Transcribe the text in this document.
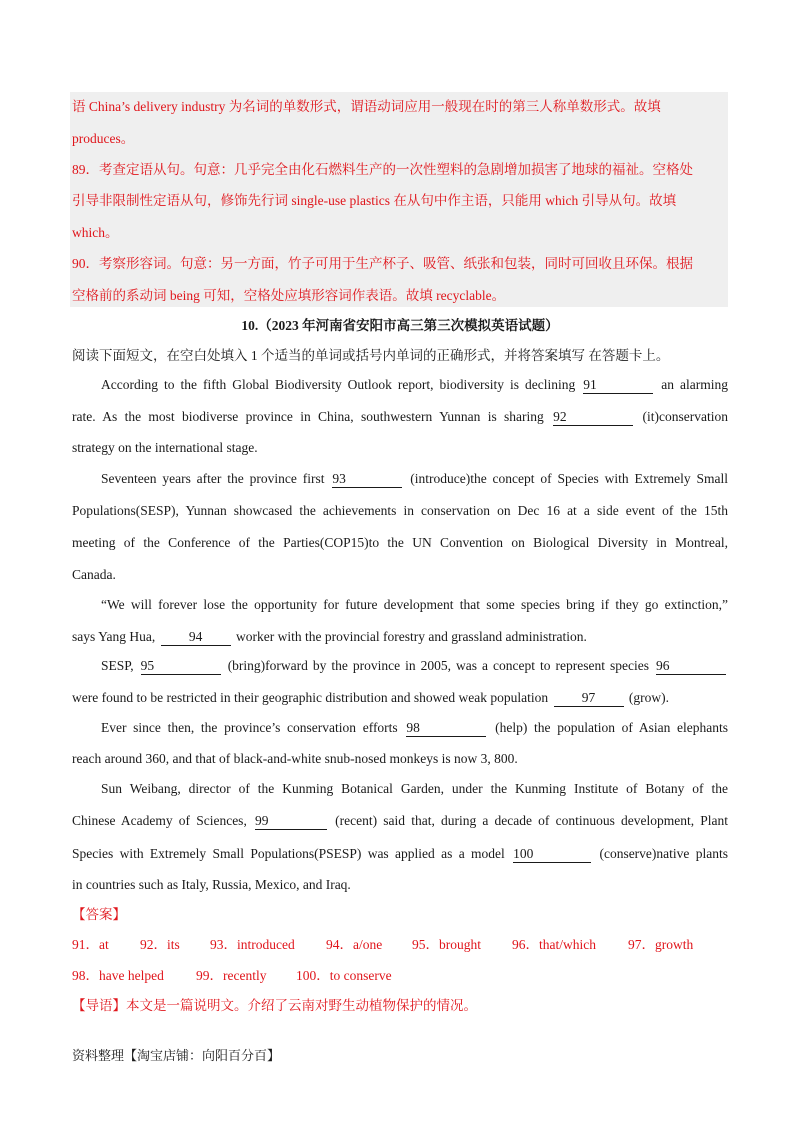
语 China’s delivery industry 为名词的单数形式，谓语动词应用一般现在时的第三人称单数形式。故填
produces。
89．考查定语从句。句意：几乎完全由化石燃料生产的一次性塑料的急剧增加损害了地球的福祉。空格处
引导非限制性定语从句，修饰先行词 single-use plastics 在从句中作主语，只能用 which 引导从句。故填
which。
90．考察形容词。句意：另一方面，竹子可用于生产杯子、吸管、纸张和包装，同时可回收且环保。根据
空格前的系动词 being 可知，空格处应填形容词作表语。故填 recyclable。
10.（2023 年河南省安阳市高三第三次模拟英语试题）
阅读下面短文，在空白处填入 1 个适当的单词或括号内单词的正确形式，并将答案填写 在答题卡上。
According to the fifth Global Biodiversity Outlook report, biodiversity is declining 91	an alarming
rate. As the most biodiverse province in China, southwestern Yunnan is sharing 92	(it)conservation
strategy on the international stage.
Seventeen years after the province first 93	(introduce)the concept of Species with Extremely Small
Populations(SESP), Yunnan showcased the achievements in conservation on Dec 16 at a side event of the 15th
meeting of the Conference of the Parties(COP15)to the UN Convention on Biological Diversity in Montreal,
Canada.
“We will forever lose the opportunity for future development that some species bring if they go extinction,”
says Yang Hua, 94 worker with the provincial forestry and grassland administration.
SESP, 95	(bring)forward by the province in 2005, was a concept to represent species 96
were found to be restricted in their geographic distribution and showed weak population 97 (grow).
Ever since then, the province’s conservation efforts 98	(help) the population of Asian elephants
reach around 360, and that of black-and-white snub-nosed monkeys is now 3, 800.
Sun Weibang, director of the Kunming Botanical Garden, under the Kunming Institute of Botany of the
Chinese Academy of Sciences, 99	(recent) said that, during a decade of continuous development, Plant
Species with Extremely Small Populations(PSESP) was applied as a model 100	(conserve)native plants
in countries such as Italy, Russia, Mexico, and Iraq.
【答案】
91．at 92．its 93．introduced 94．a/one 95．brought 96．that/which 97．growth
98．have helped 99．recently 100．to conserve
【导语】本文是一篇说明文。介绍了云南对野生动植物保护的情况。
资料整理【淘宝店铺：向阳百分百】
